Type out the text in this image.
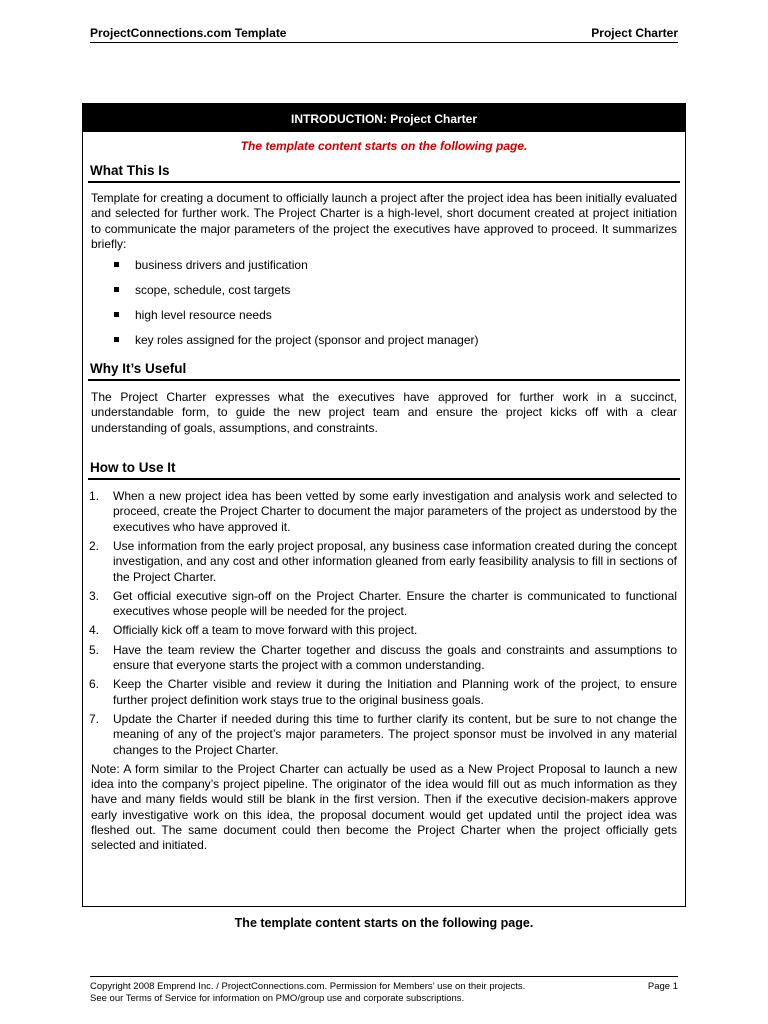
ProjectConnections.com Template	Project Charter
INTRODUCTION: Project Charter
The template content starts on the following page.
What This Is
Template for creating a document to officially launch a project after the project idea has been initially evaluated and selected for further work. The Project Charter is a high-level, short document created at project initiation to communicate the major parameters of the project the executives have approved to proceed. It summarizes briefly:
business drivers and justification
scope, schedule, cost targets
high level resource needs
key roles assigned for the project (sponsor and project manager)
Why It’s Useful
The Project Charter expresses what the executives have approved for further work in a succinct, understandable form, to guide the new project team and ensure the project kicks off with a clear understanding of goals, assumptions, and constraints.
How to Use It
1. When a new project idea has been vetted by some early investigation and analysis work and selected to proceed, create the Project Charter to document the major parameters of the project as understood by the executives who have approved it.
2. Use information from the early project proposal, any business case information created during the concept investigation, and any cost and other information gleaned from early feasibility analysis to fill in sections of the Project Charter.
3. Get official executive sign-off on the Project Charter. Ensure the charter is communicated to functional executives whose people will be needed for the project.
4. Officially kick off a team to move forward with this project.
5. Have the team review the Charter together and discuss the goals and constraints and assumptions to ensure that everyone starts the project with a common understanding.
6. Keep the Charter visible and review it during the Initiation and Planning work of the project, to ensure further project definition work stays true to the original business goals.
7. Update the Charter if needed during this time to further clarify its content, but be sure to not change the meaning of any of the project’s major parameters. The project sponsor must be involved in any material changes to the Project Charter.
Note: A form similar to the Project Charter can actually be used as a New Project Proposal to launch a new idea into the company’s project pipeline. The originator of the idea would fill out as much information as they have and many fields would still be blank in the first version. Then if the executive decision-makers approve early investigative work on this idea, the proposal document would get updated until the project idea was fleshed out. The same document could then become the Project Charter when the project officially gets selected and initiated.
The template content starts on the following page.
Copyright 2008 Emprend Inc. / ProjectConnections.com. Permission for Members’ use on their projects.
See our Terms of Service for information on PMO/group use and corporate subscriptions.
Page 1
